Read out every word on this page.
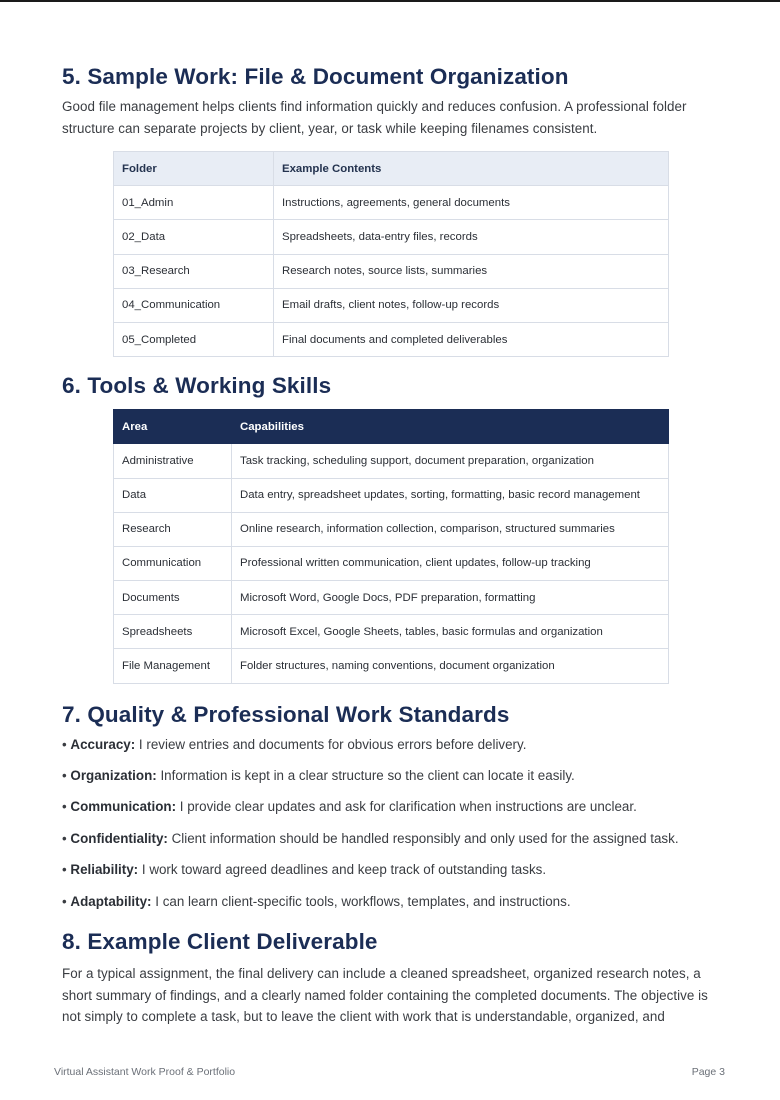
5. Sample Work: File & Document Organization

Good file management helps clients find information quickly and reduces confusion. A professional folder structure can separate projects by client, year, or task while keeping filenames consistent.

Folder	Example Contents
01_Admin	Instructions, agreements, general documents
02_Data	Spreadsheets, data-entry files, records
03_Research	Research notes, source lists, summaries
04_Communication	Email drafts, client notes, follow-up records
05_Completed	Final documents and completed deliverables
6. Tools & Working Skills
Area	Capabilities
Administrative	Task tracking, scheduling support, document preparation, organization
Data	Data entry, spreadsheet updates, sorting, formatting, basic record management
Research	Online research, information collection, comparison, structured summaries
Communication	Professional written communication, client updates, follow-up tracking
Documents	Microsoft Word, Google Docs, PDF preparation, formatting
Spreadsheets	Microsoft Excel, Google Sheets, tables, basic formulas and organization
File Management	Folder structures, naming conventions, document organization
7. Quality & Professional Work Standards
• Accuracy: I review entries and documents for obvious errors before delivery.
• Organization: Information is kept in a clear structure so the client can locate it easily.
• Communication: I provide clear updates and ask for clarification when instructions are unclear.
• Confidentiality: Client information should be handled responsibly and only used for the assigned task.
• Reliability: I work toward agreed deadlines and keep track of outstanding tasks.
• Adaptability: I can learn client-specific tools, workflows, templates, and instructions.
8. Example Client Deliverable

For a typical assignment, the final delivery can include a cleaned spreadsheet, organized research notes, a short summary of findings, and a clearly named folder containing the completed documents. The objective is not simply to complete a task, but to leave the client with work that is understandable, organized, and

Virtual Assistant Work Proof & Portfolio	Page 3
